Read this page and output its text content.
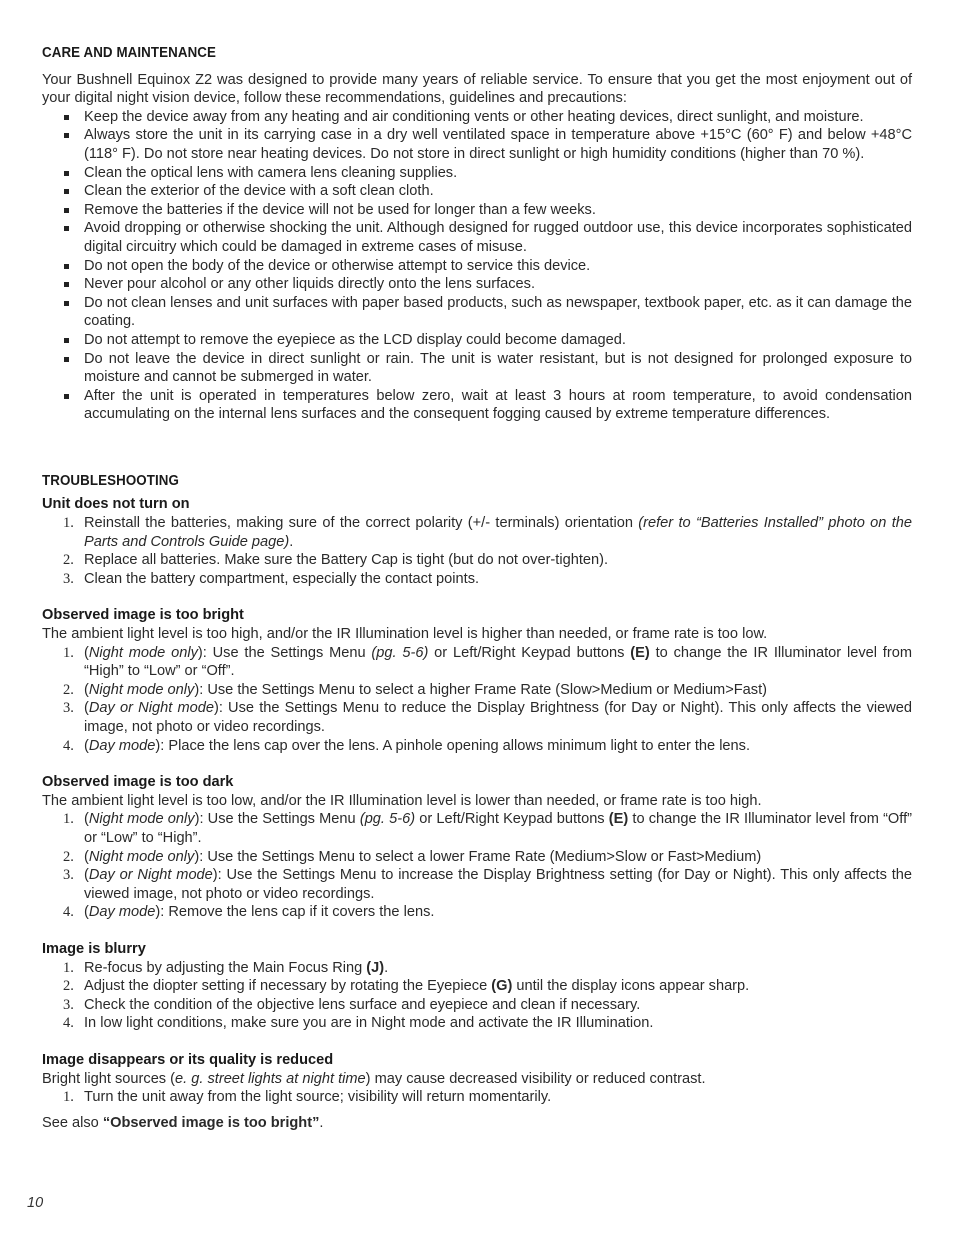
CARE AND MAINTENANCE

Your Bushnell Equinox Z2 was designed to provide many years of reliable service. To ensure that you get the most enjoyment out of your digital night vision device, follow these recommendations, guidelines and precautions:

Keep the device away from any heating and air conditioning vents or other heating devices, direct sunlight, and moisture.
Always store the unit in its carrying case in a dry well ventilated space in temperature above +15°C (60° F) and below +48°C (118° F). Do not store near heating devices. Do not store in direct sunlight or high humidity conditions (higher than 70 %).
Clean the optical lens with camera lens cleaning supplies.
Clean the exterior of the device with a soft clean cloth.
Remove the batteries if the device will not be used for longer than a few weeks.
Avoid dropping or otherwise shocking the unit. Although designed for rugged outdoor use, this device incorporates sophisticated digital circuitry which could be damaged in extreme cases of misuse.
Do not open the body of the device or otherwise attempt to service this device.
Never pour alcohol or any other liquids directly onto the lens surfaces.
Do not clean lenses and unit surfaces with paper based products, such as newspaper, textbook paper, etc. as it can damage the coating.
Do not attempt to remove the eyepiece as the LCD display could become damaged.
Do not leave the device in direct sunlight or rain. The unit is water resistant, but is not designed for prolonged exposure to moisture and cannot be submerged in water.
After the unit is operated in temperatures below zero, wait at least 3 hours at room temperature, to avoid condensation accumulating on the internal lens surfaces and the consequent fogging caused by extreme temperature differences.
TROUBLESHOOTING

Unit does not turn on

1. Reinstall the batteries, making sure of the correct polarity (+/- terminals) orientation (refer to “Batteries Installed” photo on the Parts and Controls Guide page).
2. Replace all batteries. Make sure the Battery Cap is tight (but do not over-tighten).
3. Clean the battery compartment, especially the contact points.

Observed image is too bright

The ambient light level is too high, and/or the IR Illumination level is higher than needed, or frame rate is too low.

1. (Night mode only): Use the Settings Menu (pg. 5-6) or Left/Right Keypad buttons (E) to change the IR Illuminator level from “High” to “Low” or “Off”.
2. (Night mode only): Use the Settings Menu to select a higher Frame Rate (Slow>Medium or Medium>Fast)
3. (Day or Night mode): Use the Settings Menu to reduce the Display Brightness (for Day or Night). This only affects the viewed image, not photo or video recordings.
4. (Day mode): Place the lens cap over the lens. A pinhole opening allows minimum light to enter the lens.

Observed image is too dark

The ambient light level is too low, and/or the IR Illumination level is lower than needed, or frame rate is too high.

1. (Night mode only): Use the Settings Menu (pg. 5-6) or Left/Right Keypad buttons (E) to change the IR Illuminator level from “Off” or “Low” to “High”.
2. (Night mode only): Use the Settings Menu to select a lower Frame Rate (Medium>Slow or Fast>Medium)
3. (Day or Night mode): Use the Settings Menu to increase the Display Brightness setting (for Day or Night). This only affects the viewed image, not photo or video recordings.
4. (Day mode): Remove the lens cap if it covers the lens.

Image is blurry

1. Re-focus by adjusting the Main Focus Ring (J).
2. Adjust the diopter setting if necessary by rotating the Eyepiece (G) until the display icons appear sharp.
3. Check the condition of the objective lens surface and eyepiece and clean if necessary.
4. In low light conditions, make sure you are in Night mode and activate the IR Illumination.

Image disappears or its quality is reduced

Bright light sources (e. g. street lights at night time) may cause decreased visibility or reduced contrast.

1. Turn the unit away from the light source; visibility will return momentarily.

See also “Observed image is too bright”.

10
